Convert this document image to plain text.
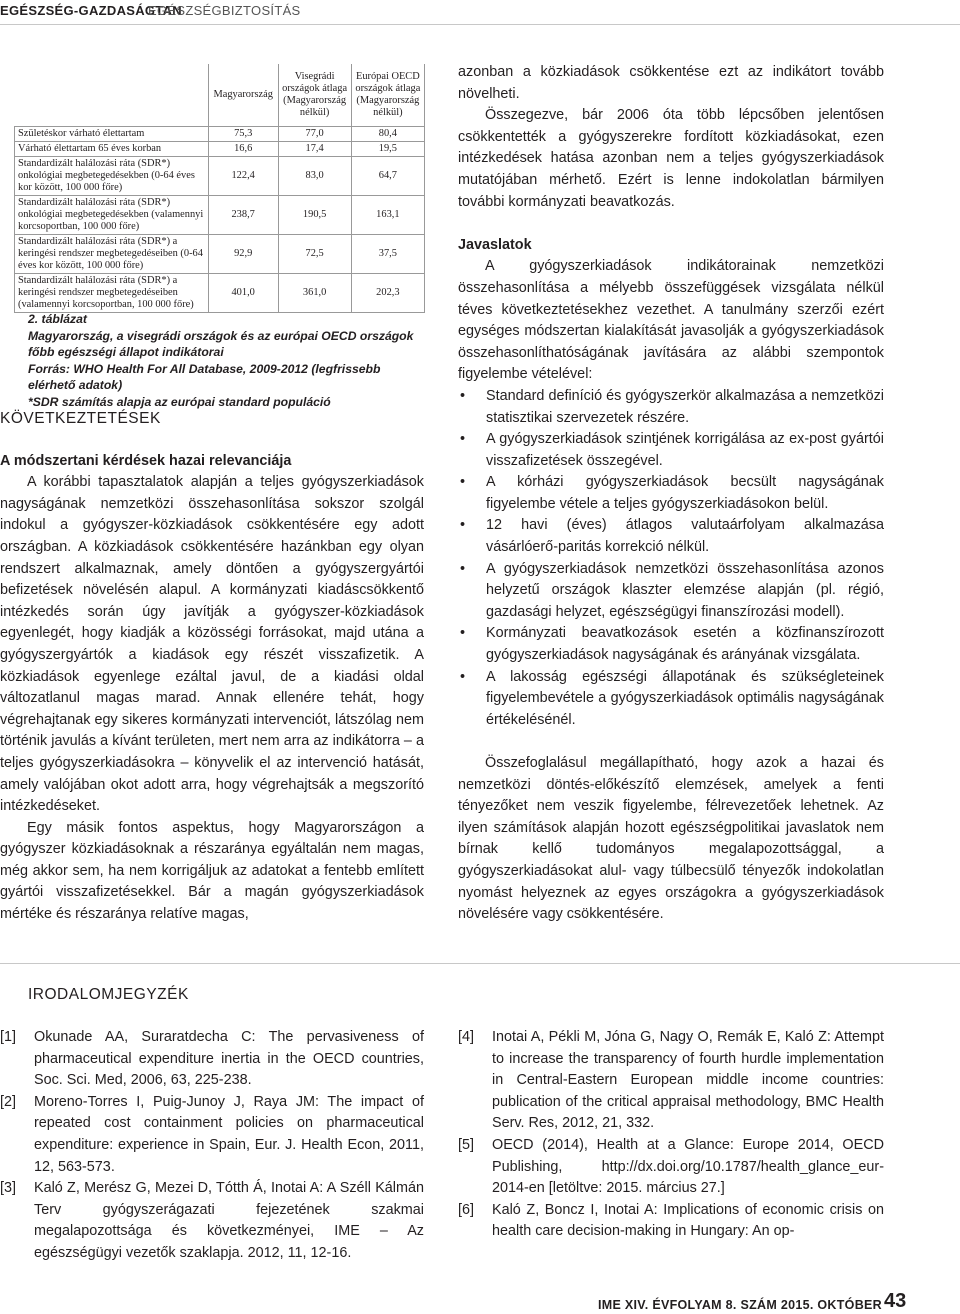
EGÉSZSÉG-GAZDASÁGTAN
EGÉSZSÉGBIZTOSÍTÁS
	Magyarország	Visegrádi országok átlaga (Magyarország nélkül)	Európai OECD országok átlaga (Magyarország nélkül)
Születéskor várható élettartam	75,3	77,0	80,4
Várható élettartam 65 éves korban	16,6	17,4	19,5
Standardizált halálozási ráta (SDR*) onkológiai megbetegedésekben (0-64 éves kor között, 100 000 főre)	122,4	83,0	64,7
Standardizált halálozási ráta (SDR*) onkológiai megbetegedésekben (valamennyi korcsoportban, 100 000 főre)	238,7	190,5	163,1
Standardizált halálozási ráta (SDR*) a keringési rendszer megbetegedéseiben (0-64 éves kor között, 100 000 főre)	92,9	72,5	37,5
Standardizált halálozási ráta (SDR*) a keringési rendszer megbetegedéseiben (valamennyi korcsoportban, 100 000 főre)	401,0	361,0	202,3
2. táblázat
Magyarország, a visegrádi országok és az európai OECD országok főbb egészségi állapot indikátorai
Forrás: WHO Health For All Database, 2009-2012 (legfrissebb elérhető adatok)
*SDR számítás alapja az európai standard populáció

KÖVETKEZTETÉSEK

A módszertani kérdések hazai relevanciája

A korábbi tapasztalatok alapján a teljes gyógyszerkiadások nagyságának nemzetközi összehasonlítása sokszor szolgál indokul a gyógyszer-közkiadások csökkentésére egy adott országban. A közkiadások csökkentésére hazánkban egy olyan rendszert alkalmaznak, amely döntően a gyógyszergyártói befizetések növelésén alapul. A kormányzati kiadáscsökkentő intézkedés során úgy javítják a gyógyszer-közkiadások egyenlegét, hogy kiadják a közösségi forrásokat, majd utána a gyógyszergyártók a kiadások egy részét visszafizetik. A közkiadások egyenlege ezáltal javul, de a kiadási oldal változatlanul magas marad. Annak ellenére tehát, hogy végrehajtanak egy sikeres kormányzati intervenciót, látszólag nem történik javulás a kívánt területen, mert nem arra az indikátorra – a teljes gyógyszerkiadásokra – könyvelik el az intervenció hatását, amely valójában okot adott arra, hogy végrehajtsák a megszorító intézkedéseket.

Egy másik fontos aspektus, hogy Magyarországon a gyógyszer közkiadásoknak a részaránya egyáltalán nem magas, még akkor sem, ha nem korrigáljuk az adatokat a fentebb említett gyártói visszafizetésekkel. Bár a magán gyógyszerkiadások mértéke és részaránya relatíve magas,

azonban a közkiadások csökkentése ezt az indikátort tovább növelheti.

Összegezve, bár 2006 óta több lépcsőben jelentősen csökkentették a gyógyszerekre fordított közkiadásokat, ezen intézkedések hatása azonban nem a teljes gyógyszerkiadások mutatójában mérhető. Ezért is lenne indokolatlan bármilyen további kormányzati beavatkozás.

Javaslatok

A gyógyszerkiadások indikátorainak nemzetközi összehasonlítása a mélyebb összefüggések vizsgálata nélkül téves következtetésekhez vezethet. A tanulmány szerzői ezért egységes módszertan kialakítását javasolják a gyógyszerkiadások összehasonlíthatóságának javítására az alábbi szempontok figyelembe vételével:

• Standard definíció és gyógyszerkör alkalmazása a nemzetközi statisztikai szervezetek részére.
• A gyógyszerkiadások szintjének korrigálása az ex-post gyártói visszafizetések összegével.
• A kórházi gyógyszerkiadások becsült nagyságának figyelembe vétele a teljes gyógyszerkiadásokon belül.
• 12 havi (éves) átlagos valutaárfolyam alkalmazása vásárlóerő-paritás korrekció nélkül.
• A gyógyszerkiadások nemzetközi összehasonlítása azonos helyzetű országok klaszter elemzése alapján (pl. régió, gazdasági helyzet, egészségügyi finanszírozási modell).
• Kormányzati beavatkozások esetén a közfinanszírozott gyógyszerkiadások nagyságának és arányának vizsgálata.
• A lakosság egészségi állapotának és szükségleteinek figyelembevétele a gyógyszerkiadások optimális nagyságának értékelésénél.

Összefoglalásul megállapítható, hogy azok a hazai és nemzetközi döntés-előkészítő elemzések, amelyek a fenti tényezőket nem veszik figyelembe, félrevezetőek lehetnek. Az ilyen számítások alapján hozott egészségpolitikai javaslatok nem bírnak kellő tudományos megalapozottsággal, a gyógyszerkiadásokat alul- vagy túlbecsülő tényezők indokolatlan nyomást helyeznek az egyes országokra a gyógyszerkiadások növelésére vagy csökkentésére.

IRODALOMJEGYZÉK
[1] Okunade AA, Suraratdecha C: The pervasiveness of pharmaceutical expenditure inertia in the OECD countries, Soc. Sci. Med, 2006, 63, 225-238.
[2] Moreno-Torres I, Puig-Junoy J, Raya JM: The impact of repeated cost containment policies on pharmaceutical expenditure: experience in Spain, Eur. J. Health Econ, 2011, 12, 563-573.
[3] Kaló Z, Merész G, Mezei D, Tótth Á, Inotai A: A Széll Kálmán Terv gyógyszerágazati fejezetének szakmai megalapozottsága és következményei, IME – Az egészségügyi vezetők szaklapja. 2012, 11, 12-16.
[4] Inotai A, Pékli M, Jóna G, Nagy O, Remák E, Kaló Z: Attempt to increase the transparency of fourth hurdle implementation in Central-Eastern European middle income countries: publication of the critical appraisal methodology, BMC Health Serv. Res, 2012, 21, 332.
[5] OECD (2014), Health at a Glance: Europe 2014, OECD Publishing, http://dx.doi.org/10.1787/health_glance_eur-2014-en [letöltve: 2015. március 27.]
[6] Kaló Z, Boncz I, Inotai A: Implications of economic crisis on health care decision-making in Hungary: An op-
IME XIV. ÉVFOLYAM 8. SZÁM 2015. OKTÓBER 43
